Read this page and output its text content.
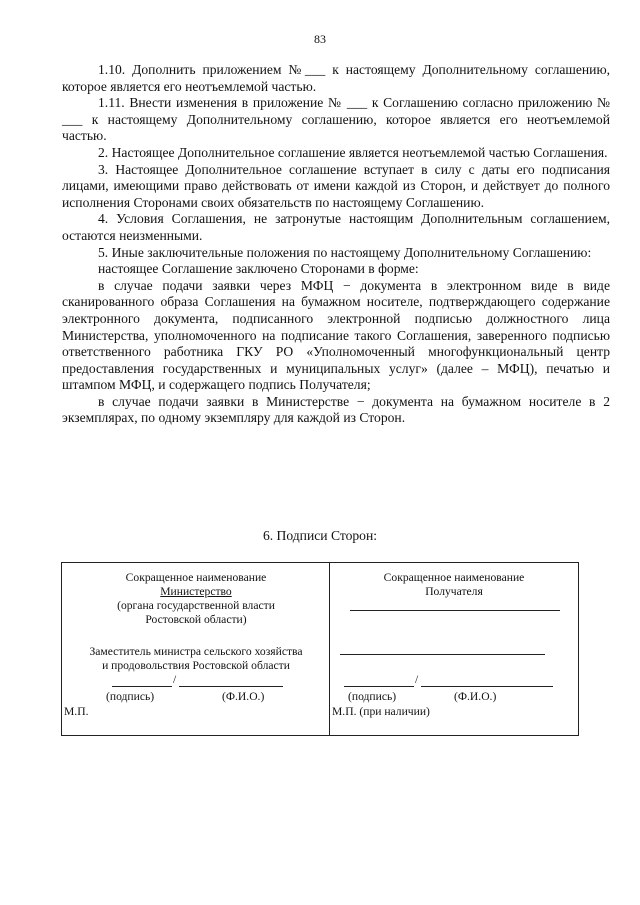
83

1.10. Дополнить приложением №___ к настоящему Дополнительному соглашению, которое является его неотъемлемой частью.

1.11. Внести изменения в приложение № ___ к Соглашению согласно приложению № ___ к настоящему Дополнительному соглашению, которое является его неотъемлемой частью.

2. Настоящее Дополнительное соглашение является неотъемлемой частью Соглашения.

3. Настоящее Дополнительное соглашение вступает в силу с даты его подписания лицами, имеющими право действовать от имени каждой из Сторон, и действует до полного исполнения Сторонами своих обязательств по настоящему Соглашению.

4. Условия Соглашения, не затронутые настоящим Дополнительным соглашением, остаются неизменными.

5. Иные заключительные положения по настоящему Дополнительному Соглашению:

настоящее Соглашение заключено Сторонами в форме:

в случае подачи заявки через МФЦ − документа в электронном виде в виде сканированного образа Соглашения на бумажном носителе, подтверждающего содержание электронного документа, подписанного электронной подписью должностного лица Министерства, уполномоченного на подписание такого Соглашения, заверенного подписью ответственного работника ГКУ РО «Уполномоченный многофункциональный центр предоставления государственных и муниципальных услуг» (далее – МФЦ), печатью и штампом МФЦ, и содержащего подпись Получателя;

в случае подачи заявки в Министерстве − документа на бумажном носителе в 2 экземплярах, по одному экземпляру для каждой из Сторон.

6. Подписи Сторон:
Сокращенное наименование
Министерство
(органа государственной власти
Ростовской области)
Заместитель министра сельского хозяйства
и продовольствия Ростовской области
/
(подпись)	(Ф.И.О.)
М.П.
Сокращенное наименование
Получателя
/
(подпись)	(Ф.И.О.)
М.П. (при наличии)
